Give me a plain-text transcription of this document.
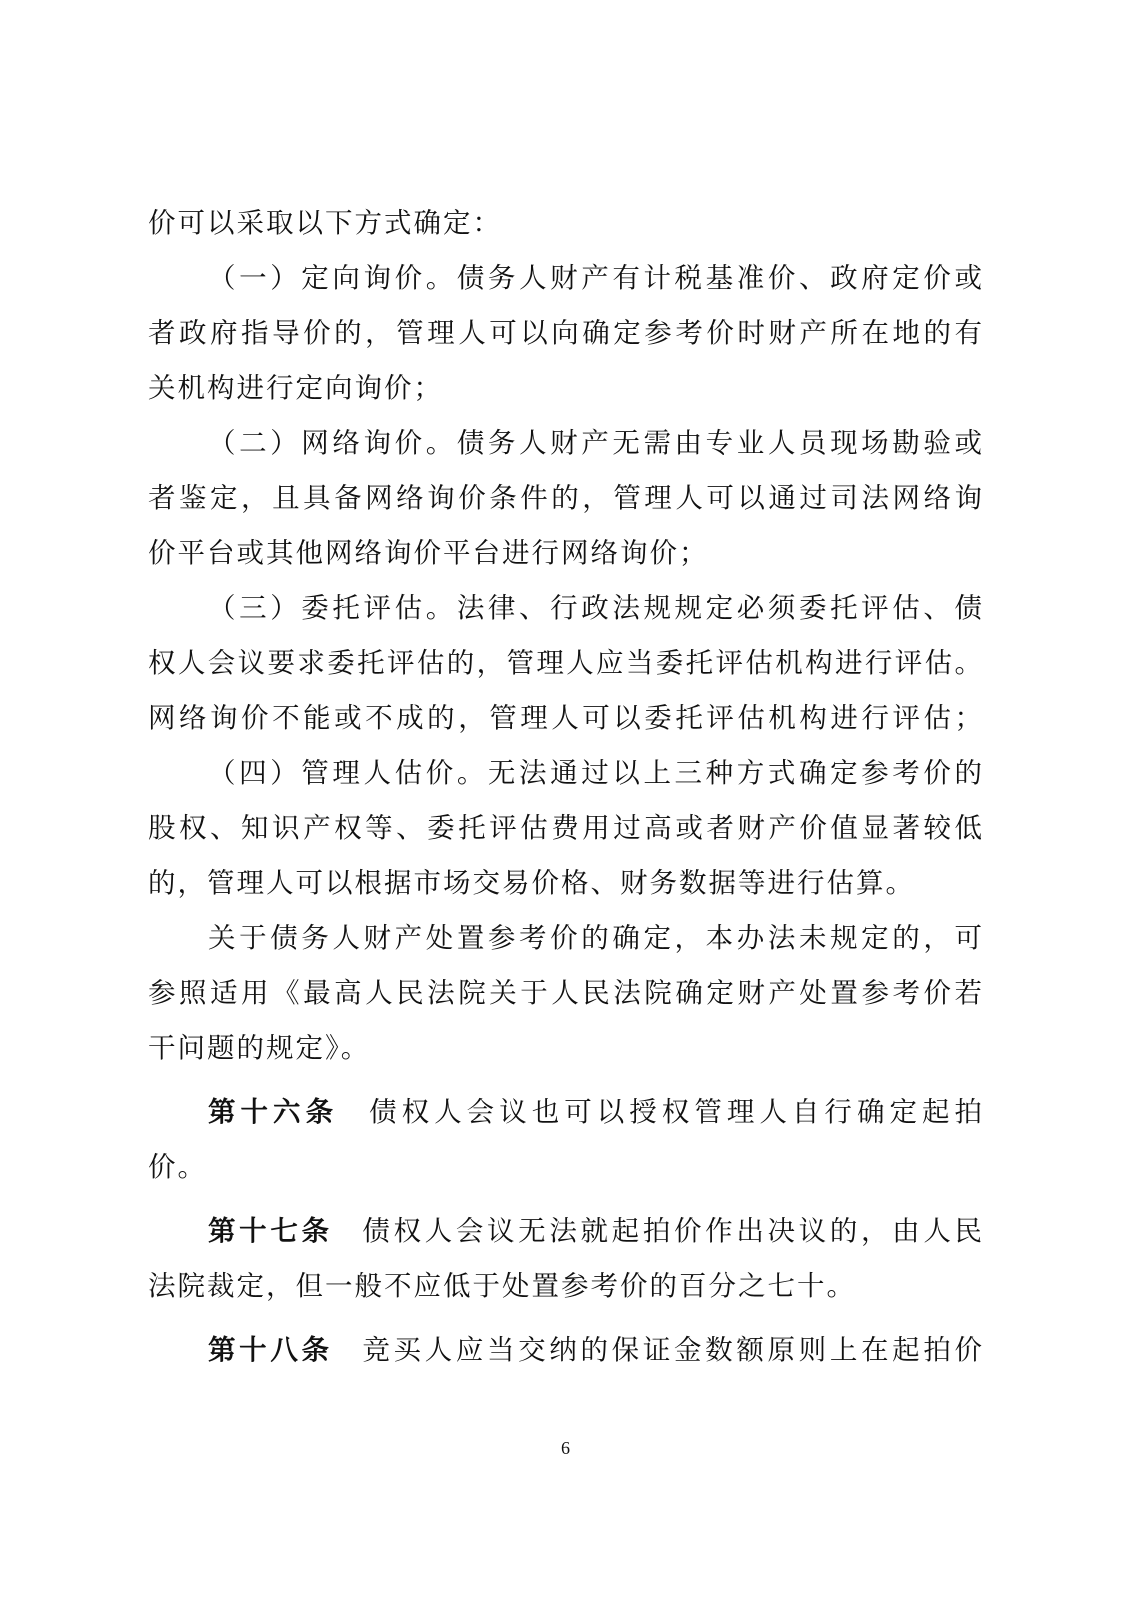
价可以采取以下方式确定：
（一）定向询价。债务人财产有计税基准价、政府定价或
者政府指导价的，管理人可以向确定参考价时财产所在地的有
关机构进行定向询价；
（二）网络询价。债务人财产无需由专业人员现场勘验或
者鉴定，且具备网络询价条件的，管理人可以通过司法网络询
价平台或其他网络询价平台进行网络询价；
（三）委托评估。法律、行政法规规定必须委托评估、债
权人会议要求委托评估的，管理人应当委托评估机构进行评估。
网络询价不能或不成的，管理人可以委托评估机构进行评估；
（四）管理人估价。无法通过以上三种方式确定参考价的
股权、知识产权等、委托评估费用过高或者财产价值显著较低
的，管理人可以根据市场交易价格、财务数据等进行估算。
关于债务人财产处置参考价的确定，本办法未规定的，可
参照适用《最高人民法院关于人民法院确定财产处置参考价若
干问题的规定》。
第十六条 债权人会议也可以授权管理人自行确定起拍
价。
第十七条 债权人会议无法就起拍价作出决议的，由人民
法院裁定，但一般不应低于处置参考价的百分之七十。
第十八条 竞买人应当交纳的保证金数额原则上在起拍价
6
